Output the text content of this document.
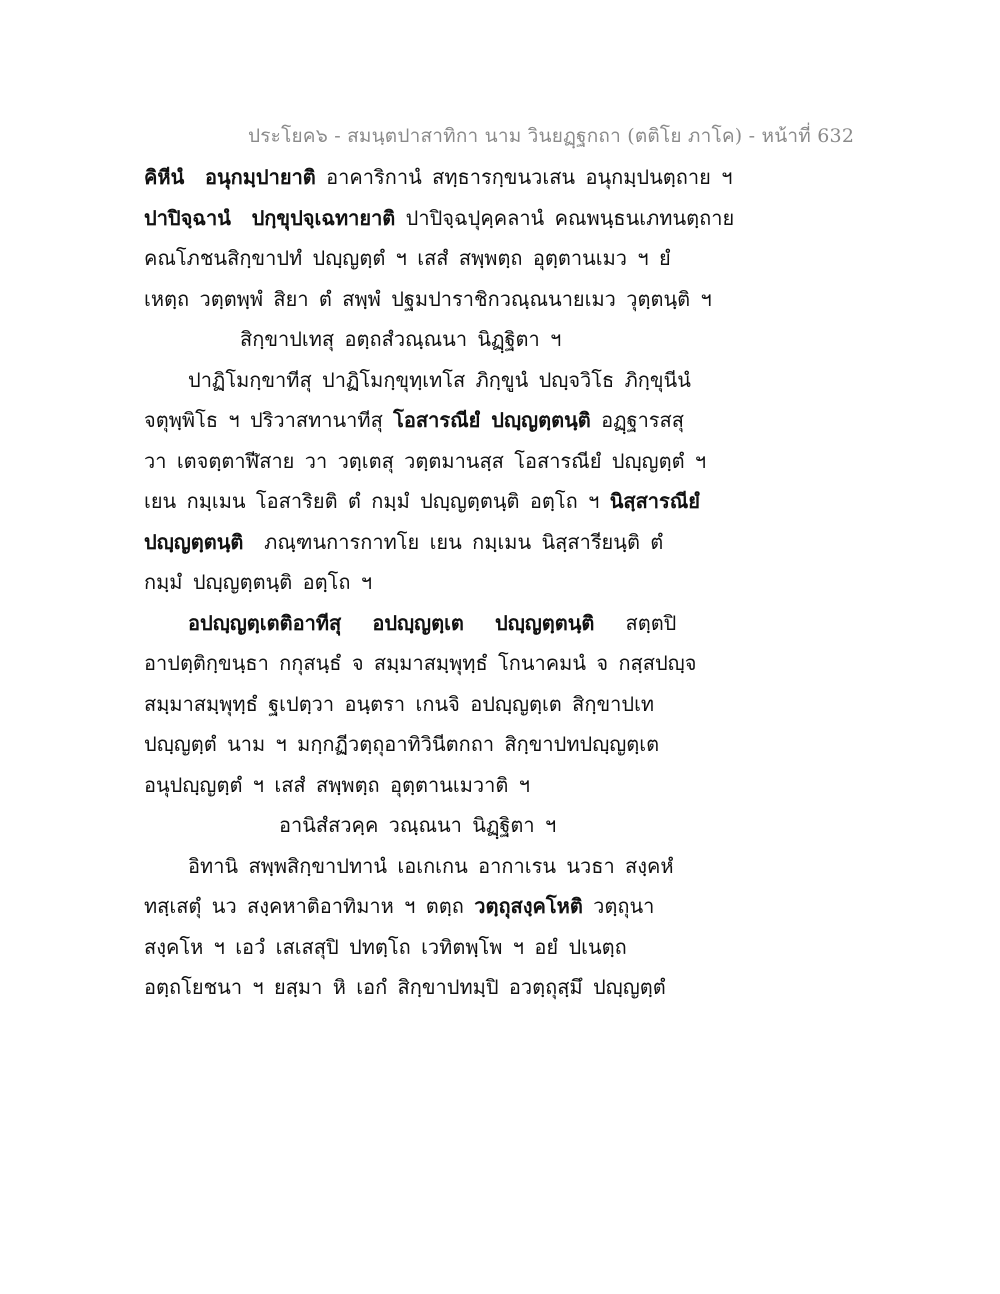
ประโยค๖ - สมนฺตปาสาทิกา นาม วินยฏฺฐกถา (ตติโย ภาโค) - หน้าที่ 632
คิหีนํ อนุกมฺปายาติ อาคาริกานํ สทฺธารกฺขนวเสน อนุกมฺปนตฺถาย ฯ
ปาปิจฺฉานํ ปกฺขุปจฺเฉทายาติ ปาปิจฺฉปุคฺคลานํ คณพนฺธนเภทนตฺถาย
คณโภชนสิกฺขาปทํ ปญฺญตฺตํ ฯ เสสํ สพฺพตฺถ อุตฺตานเมว ฯ ยํ
เหตฺถ วตฺตพฺพํ สิยา ตํ สพฺพํ ปฐมปาราชิกวณฺณนายเมว วุตฺตนฺติ ฯ
สิกฺขาปเทสุ อตฺถสํวณฺณนา นิฏฺฐิตา ฯ
ปาฏิโมกฺขาทีสุ ปาฏิโมกฺขุทฺเทโส ภิกฺขูนํ ปญฺจวิโธ ภิกฺขุนีนํ
จตุพฺพิโธ ฯ ปริวาสทานาทีสุ โอสารณียํ ปญฺญตฺตนฺติ อฏฺฐารสสุ
วา เตจตฺตาฬีสาย วา วตฺเตสุ วตฺตมานสฺส โอสารณียํ ปญฺญตฺตํ ฯ
เยน กมฺเมน โอสาริยติ ตํ กมฺมํ ปญฺญตฺตนฺติ อตฺโถ ฯ นิสฺสารณียํ
ปญฺญตฺตนฺติ ภณฺฑนการกาทโย เยน กมฺเมน นิสฺสารียนฺติ ตํ
กมฺมํ ปญฺญตฺตนฺติ อตฺโถ ฯ
อปญฺญตฺเตติอาทีสุ อปญฺญตฺเต ปญฺญตฺตนฺติ สตฺตปิ
อาปตฺติกฺขนฺธา กกุสนฺธํ จ สมฺมาสมฺพุทฺธํ โกนาคมนํ จ กสฺสปญฺจ
สมฺมาสมฺพุทฺธํ ฐเปตฺวา อนฺตรา เกนจิ อปญฺญตฺเต สิกฺขาปเท
ปญฺญตฺตํ นาม ฯ มกฺกฏีวตฺถุอาทิวินีตกถา สิกฺขาปทปญฺญตฺเต
อนุปญฺญตฺตํ ฯ เสสํ สพฺพตฺถ อุตฺตานเมวาติ ฯ
อานิสํสวคฺค วณฺณนา นิฏฺฐิตา ฯ
อิทานิ สพฺพสิกฺขาปทานํ เอเกเกน อากาเรน นวธา สงฺคหํ
ทสฺเสตุํ นว สงฺคหาติอาทิมาห ฯ ตตฺถ วตฺถุสงฺคโหติ วตฺถุนา
สงฺคโห ฯ เอวํ เสเสสุปิ ปทตฺโถ เวทิตพฺโพ ฯ อยํ ปเนตฺถ
อตฺถโยชนา ฯ ยสฺมา หิ เอกํ สิกฺขาปทมฺปิ อวตฺถุสฺมึ ปญฺญตฺตํ
